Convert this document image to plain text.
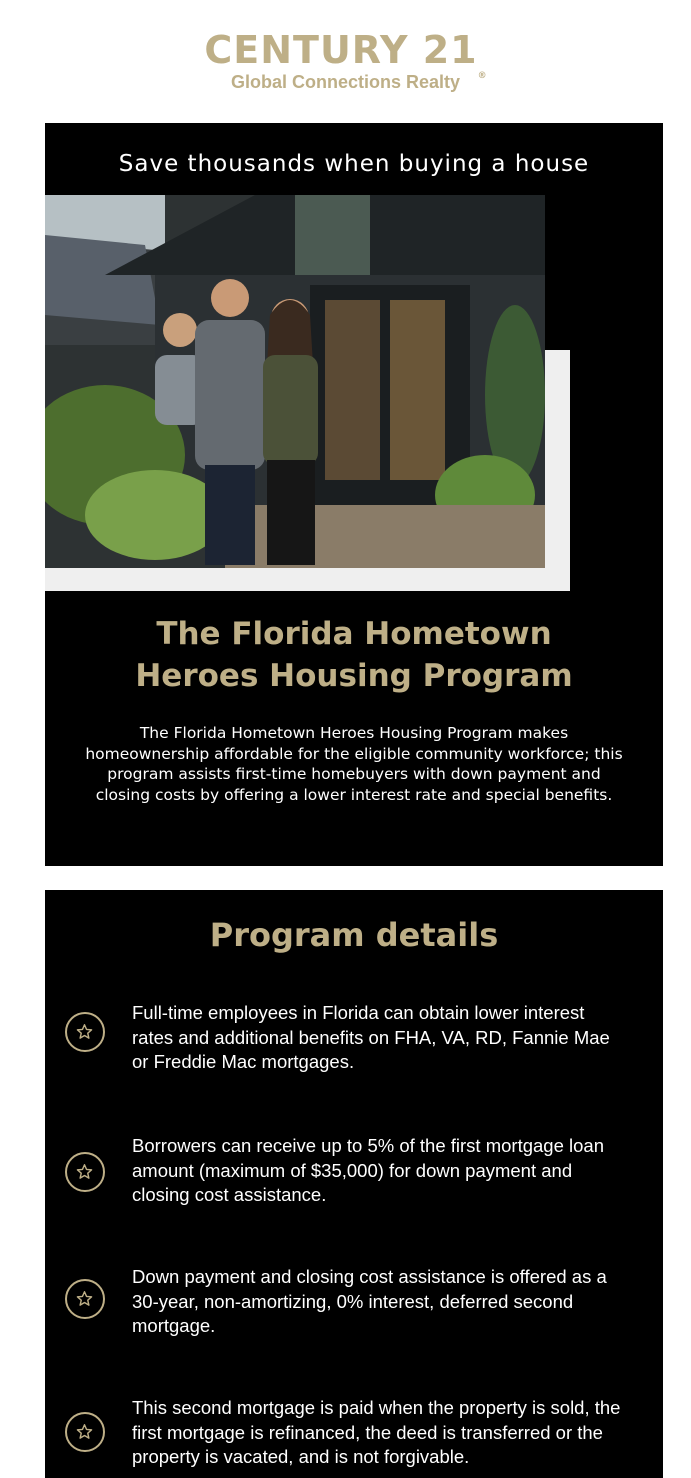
CENTURY 21®
Global Connections Realty
Save thousands when buying a house
The Florida Hometown
Heroes Housing Program
The Florida Hometown Heroes Housing Program makes homeownership affordable for the eligible community workforce; this program assists first-time homebuyers with down payment and closing costs by offering a lower interest rate and special benefits.
Program details
Full-time employees in Florida can obtain lower interest rates and additional benefits on FHA, VA, RD, Fannie Mae or Freddie Mac mortgages.
Borrowers can receive up to 5% of the first mortgage loan amount (maximum of $35,000) for down payment and closing cost assistance.
Down payment and closing cost assistance is offered as a 30-year, non-amortizing, 0% interest, deferred second mortgage.
This second mortgage is paid when the property is sold, the first mortgage is refinanced, the deed is transferred or the property is vacated, and is not forgivable.
